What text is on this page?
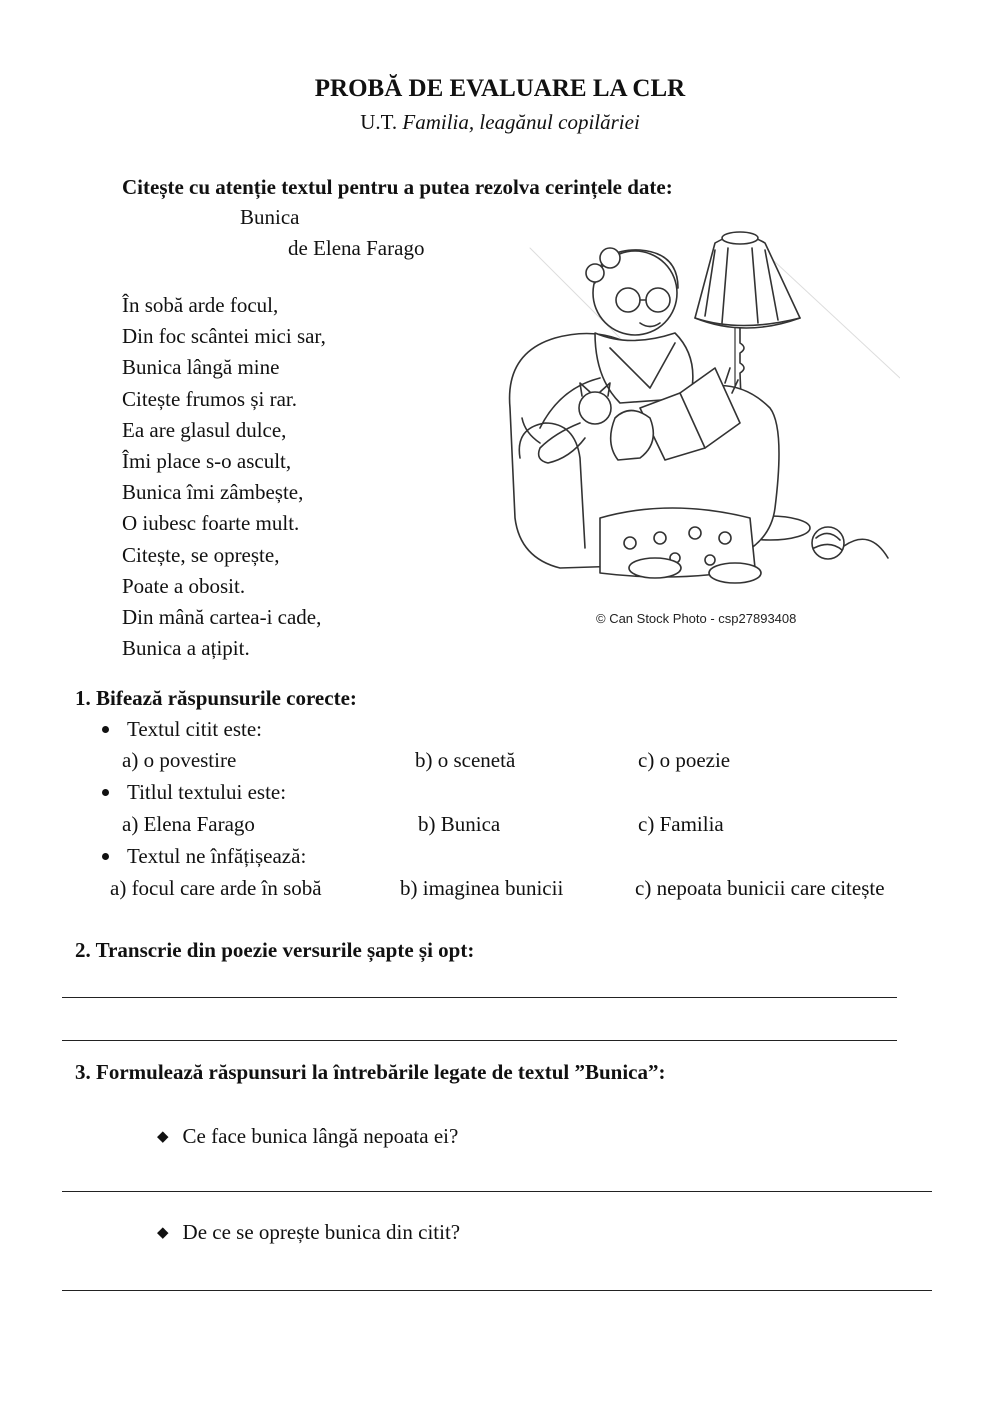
PROBĂ DE EVALUARE LA CLR
U.T. Familia, leagănul copilăriei
Citește cu atenție textul pentru a putea rezolva cerințele date:
Bunica
de Elena Farago
În sobă arde focul,
Din foc scântei mici sar,
Bunica lângă mine
Citește frumos și rar.
Ea are glasul dulce,
Îmi place s-o ascult,
Bunica îmi zâmbește,
O iubesc foarte mult.
Citește, se oprește,
Poate a obosit.
Din mână cartea-i cade,
Bunica a ațipit.
© Can Stock Photo - csp27893408
1. Bifează răspunsurile corecte:
Textul citit este:
a) o povestire	b) o scenetă	c) o poezie
Titlul textului este:
a) Elena Farago	b) Bunica	c) Familia
Textul ne înfățișează:
a) focul care arde în sobă	b) imaginea bunicii	c) nepoata bunicii care citește
2. Transcrie din poezie versurile șapte și opt:
3. Formulează răspunsuri la întrebările legate de textul ”Bunica”:
◆ Ce face bunica lângă nepoata ei?
◆ De ce se oprește bunica din citit?
